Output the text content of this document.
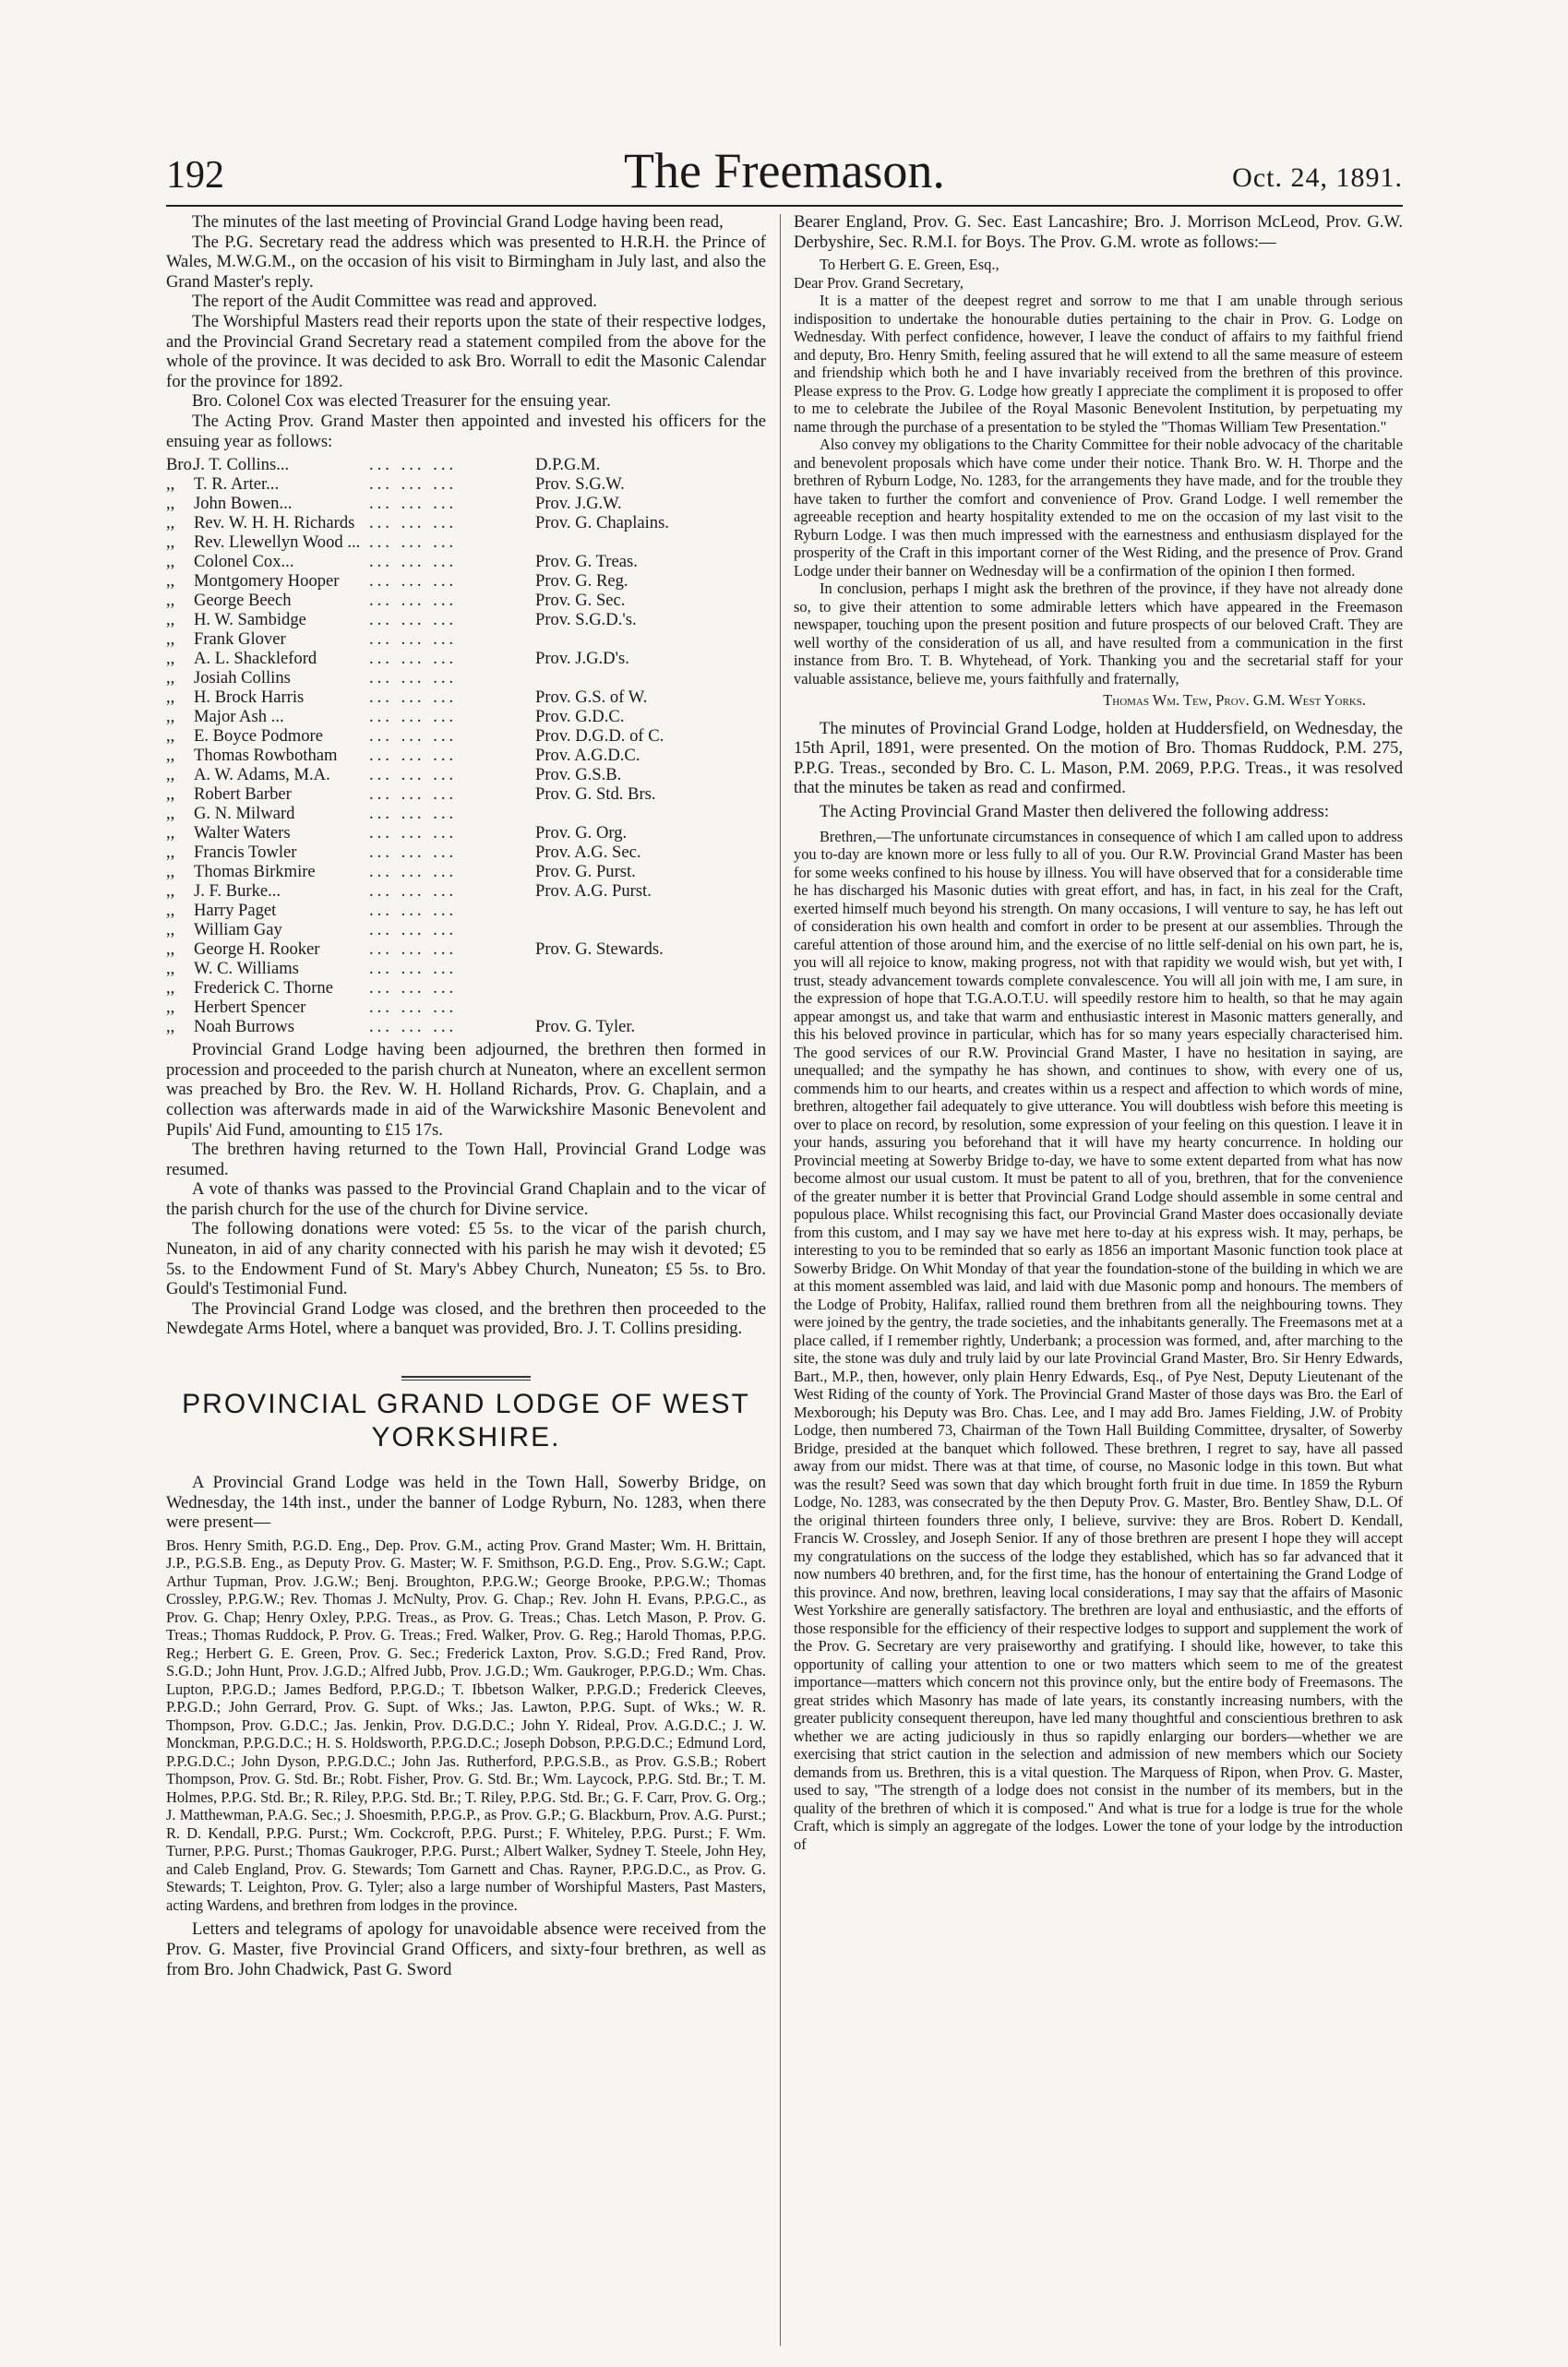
192	The Freemason.	Oct. 24, 1891.

The minutes of the last meeting of Provincial Grand Lodge having been read,

The P.G. Secretary read the address which was presented to H.R.H. the Prince of Wales, M.W.G.M., on the occasion of his visit to Birmingham in July last, and also the Grand Master's reply.

The report of the Audit Committee was read and approved.

The Worshipful Masters read their reports upon the state of their respective lodges, and the Provincial Grand Secretary read a statement compiled from the above for the whole of the province. It was decided to ask Bro. Worrall to edit the Masonic Calendar for the province for 1892.

Bro. Colonel Cox was elected Treasurer for the ensuing year.

The Acting Prov. Grand Master then appointed and invested his officers for the ensuing year as follows:

Bro.
J. T. Collins...	... ... ...	D.P.G.M.
,,	T. R. Arter...	... ... ...	Prov. S.G.W.
,,	John Bowen...	... ... ...	Prov. J.G.W.
,,	Rev. W. H. H. Richards ... ... ...	Prov. G. Chaplains.
,,	Rev. Llewellyn Wood ... ... ... ...
,,	Colonel Cox...	... ... ...	Prov. G. Treas.
,,	Montgomery Hooper	... ... ...	Prov. G. Reg.
,,	George Beech	... ... ...	Prov. G. Sec.
,,	H. W. Sambidge	... ... ...	Prov. S.G.D.'s.
,,	Frank Glover	... ... ...
,,	A. L. Shackleford	... ... ...	Prov. J.G.D's.
,,	Josiah Collins	... ... ...
,,	H. Brock Harris	... ... ...	Prov. G.S. of W.
,,	Major Ash ...	... ... ...	Prov. G.D.C.
,,	E. Boyce Podmore	... ... ...	Prov. D.G.D. of C.
,,	Thomas Rowbotham	... ... ...	Prov. A.G.D.C.
,,	A. W. Adams, M.A.	... ... ...	Prov. G.S.B.
,,	Robert Barber	... ... ...	Prov. G. Std. Brs.
,,	G. N. Milward	... ... ...
,,	Walter Waters	... ... ...	Prov. G. Org.
,,	Francis Towler	... ... ...	Prov. A.G. Sec.
,,	Thomas Birkmire	... ... ...	Prov. G. Purst.
,,	J. F. Burke...	... ... ...	Prov. A.G. Purst.
,,	Harry Paget	... ... ...
,,	William Gay	... ... ...
,,	George H. Rooker	... ... ...	Prov. G. Stewards.
,,	W. C. Williams	... ... ...
,,	Frederick C. Thorne	... ... ...
,,	Herbert Spencer	... ... ...
,,	Noah Burrows	... ... ...	Prov. G. Tyler.

Provincial Grand Lodge having been adjourned, the brethren then formed in procession and proceeded to the parish church at Nuneaton, where an excellent sermon was preached by Bro. the Rev. W. H. Holland Richards, Prov. G. Chaplain, and a collection was afterwards made in aid of the Warwickshire Masonic Benevolent and Pupils' Aid Fund, amounting to £15 17s.

The brethren having returned to the Town Hall, Provincial Grand Lodge was resumed.

A vote of thanks was passed to the Provincial Grand Chaplain and to the vicar of the parish church for the use of the church for Divine service.

The following donations were voted: £5 5s. to the vicar of the parish church, Nuneaton, in aid of any charity connected with his parish he may wish it devoted; £5 5s. to the Endowment Fund of St. Mary's Abbey Church, Nuneaton; £5 5s. to Bro. Gould's Testimonial Fund.

The Provincial Grand Lodge was closed, and the brethren then proceeded to the Newdegate Arms Hotel, where a banquet was provided, Bro. J. T. Collins presiding.

PROVINCIAL GRAND LODGE OF WEST YORKSHIRE.

A Provincial Grand Lodge was held in the Town Hall, Sowerby Bridge, on Wednesday, the 14th inst., under the banner of Lodge Ryburn, No. 1283, when there were present—

Bros. Henry Smith, P.G.D. Eng., Dep. Prov. G.M., acting Prov. Grand Master; Wm. H. Brittain, J.P., P.G.S.B. Eng., as Deputy Prov. G. Master; W. F. Smithson, P.G.D. Eng., Prov. S.G.W.; Capt. Arthur Tupman, Prov. J.G.W.; Benj. Broughton, P.P.G.W.; George Brooke, P.P.G.W.; Thomas Crossley, P.P.G.W.; Rev. Thomas J. McNulty, Prov. G. Chap.; Rev. John H. Evans, P.P.G.C., as Prov. G. Chap; Henry Oxley, P.P.G. Treas., as Prov. G. Treas.; Chas. Letch Mason, P. Prov. G. Treas.; Thomas Ruddock, P. Prov. G. Treas.; Fred. Walker, Prov. G. Reg.; Harold Thomas, P.P.G. Reg.; Herbert G. E. Green, Prov. G. Sec.; Frederick Laxton, Prov. S.G.D.; Fred Rand, Prov. S.G.D.; John Hunt, Prov. J.G.D.; Alfred Jubb, Prov. J.G.D.; Wm. Gaukroger, P.P.G.D.; Wm. Chas. Lupton, P.P.G.D.; James Bedford, P.P.G.D.; T. Ibbetson Walker, P.P.G.D.; Frederick Cleeves, P.P.G.D.; John Gerrard, Prov. G. Supt. of Wks.; Jas. Lawton, P.P.G. Supt. of Wks.; W. R. Thompson, Prov. G.D.C.; Jas. Jenkin, Prov. D.G.D.C.; John Y. Rideal, Prov. A.G.D.C.; J. W. Monckman, P.P.G.D.C.; H. S. Holdsworth, P.P.G.D.C.; Joseph Dobson, P.P.G.D.C.; Edmund Lord, P.P.G.D.C.; John Dyson, P.P.G.D.C.; John Jas. Rutherford, P.P.G.S.B., as Prov. G.S.B.; Robert Thompson, Prov. G. Std. Br.; Robt. Fisher, Prov. G. Std. Br.; Wm. Laycock, P.P.G. Std. Br.; T. M. Holmes, P.P.G. Std. Br.; R. Riley, P.P.G. Std. Br.; T. Riley, P.P.G. Std. Br.; G. F. Carr, Prov. G. Org.; J. Matthewman, P.A.G. Sec.; J. Shoesmith, P.P.G.P., as Prov. G.P.; G. Blackburn, Prov. A.G. Purst.; R. D. Kendall, P.P.G. Purst.; Wm. Cockcroft, P.P.G. Purst.; F. Whiteley, P.P.G. Purst.; F. Wm. Turner, P.P.G. Purst.; Thomas Gaukroger, P.P.G. Purst.; Albert Walker, Sydney T. Steele, John Hey, and Caleb England, Prov. G. Stewards; Tom Garnett and Chas. Rayner, P.P.G.D.C., as Prov. G. Stewards; T. Leighton, Prov. G. Tyler; also a large number of Worshipful Masters, Past Masters, acting Wardens, and brethren from lodges in the province.

Letters and telegrams of apology for unavoidable absence were received from the Prov. G. Master, five Provincial Grand Officers, and sixty-four brethren, as well as from Bro. John Chadwick, Past G. Sword

Bearer England, Prov. G. Sec. East Lancashire; Bro. J. Morrison McLeod, Prov. G.W. Derbyshire, Sec. R.M.I. for Boys. The Prov. G.M. wrote as follows:—

To Herbert G. E. Green, Esq.,

Dear Prov. Grand Secretary,

It is a matter of the deepest regret and sorrow to me that I am unable through serious indisposition to undertake the honourable duties pertaining to the chair in Prov. G. Lodge on Wednesday. With perfect confidence, however, I leave the conduct of affairs to my faithful friend and deputy, Bro. Henry Smith, feeling assured that he will extend to all the same measure of esteem and friendship which both he and I have invariably received from the brethren of this province. Please express to the Prov. G. Lodge how greatly I appreciate the compliment it is proposed to offer to me to celebrate the Jubilee of the Royal Masonic Benevolent Institution, by perpetuating my name through the purchase of a presentation to be styled the "Thomas William Tew Presentation."

Also convey my obligations to the Charity Committee for their noble advocacy of the charitable and benevolent proposals which have come under their notice. Thank Bro. W. H. Thorpe and the brethren of Ryburn Lodge, No. 1283, for the arrangements they have made, and for the trouble they have taken to further the comfort and convenience of Prov. Grand Lodge. I well remember the agreeable reception and hearty hospitality extended to me on the occasion of my last visit to the Ryburn Lodge. I was then much impressed with the earnestness and enthusiasm displayed for the prosperity of the Craft in this important corner of the West Riding, and the presence of Prov. Grand Lodge under their banner on Wednesday will be a confirmation of the opinion I then formed.

In conclusion, perhaps I might ask the brethren of the province, if they have not already done so, to give their attention to some admirable letters which have appeared in the Freemason newspaper, touching upon the present position and future prospects of our beloved Craft. They are well worthy of the consideration of us all, and have resulted from a communication in the first instance from Bro. T. B. Whytehead, of York. Thanking you and the secretarial staff for your valuable assistance, believe me, yours faithfully and fraternally,

Thomas Wm. Tew, Prov. G.M. West Yorks.

The minutes of Provincial Grand Lodge, holden at Huddersfield, on Wednesday, the 15th April, 1891, were presented. On the motion of Bro. Thomas Ruddock, P.M. 275, P.P.G. Treas., seconded by Bro. C. L. Mason, P.M. 2069, P.P.G. Treas., it was resolved that the minutes be taken as read and confirmed.

The Acting Provincial Grand Master then delivered the following address:

Brethren,—The unfortunate circumstances in consequence of which I am called upon to address you to-day are known more or less fully to all of you. Our R.W. Provincial Grand Master has been for some weeks confined to his house by illness. You will have observed that for a considerable time he has discharged his Masonic duties with great effort, and has, in fact, in his zeal for the Craft, exerted himself much beyond his strength. On many occasions, I will venture to say, he has left out of consideration his own health and comfort in order to be present at our assemblies. Through the careful attention of those around him, and the exercise of no little self-denial on his own part, he is, you will all rejoice to know, making progress, not with that rapidity we would wish, but yet with, I trust, steady advancement towards complete convalescence. You will all join with me, I am sure, in the expression of hope that T.G.A.O.T.U. will speedily restore him to health, so that he may again appear amongst us, and take that warm and enthusiastic interest in Masonic matters generally, and this his beloved province in particular, which has for so many years especially characterised him. The good services of our R.W. Provincial Grand Master, I have no hesitation in saying, are unequalled; and the sympathy he has shown, and continues to show, with every one of us, commends him to our hearts, and creates within us a respect and affection to which words of mine, brethren, altogether fail adequately to give utterance. You will doubtless wish before this meeting is over to place on record, by resolution, some expression of your feeling on this question. I leave it in your hands, assuring you beforehand that it will have my hearty concurrence. In holding our Provincial meeting at Sowerby Bridge to-day, we have to some extent departed from what has now become almost our usual custom. It must be patent to all of you, brethren, that for the convenience of the greater number it is better that Provincial Grand Lodge should assemble in some central and populous place. Whilst recognising this fact, our Provincial Grand Master does occasionally deviate from this custom, and I may say we have met here to-day at his express wish. It may, perhaps, be interesting to you to be reminded that so early as 1856 an important Masonic function took place at Sowerby Bridge. On Whit Monday of that year the foundation-stone of the building in which we are at this moment assembled was laid, and laid with due Masonic pomp and honours. The members of the Lodge of Probity, Halifax, rallied round them brethren from all the neighbouring towns. They were joined by the gentry, the trade societies, and the inhabitants generally. The Freemasons met at a place called, if I remember rightly, Underbank; a procession was formed, and, after marching to the site, the stone was duly and truly laid by our late Provincial Grand Master, Bro. Sir Henry Edwards, Bart., M.P., then, however, only plain Henry Edwards, Esq., of Pye Nest, Deputy Lieutenant of the West Riding of the county of York. The Provincial Grand Master of those days was Bro. the Earl of Mexborough; his Deputy was Bro. Chas. Lee, and I may add Bro. James Fielding, J.W. of Probity Lodge, then numbered 73, Chairman of the Town Hall Building Committee, drysalter, of Sowerby Bridge, presided at the banquet which followed. These brethren, I regret to say, have all passed away from our midst. There was at that time, of course, no Masonic lodge in this town. But what was the result? Seed was sown that day which brought forth fruit in due time. In 1859 the Ryburn Lodge, No. 1283, was consecrated by the then Deputy Prov. G. Master, Bro. Bentley Shaw, D.L. Of the original thirteen founders three only, I believe, survive: they are Bros. Robert D. Kendall, Francis W. Crossley, and Joseph Senior. If any of those brethren are present I hope they will accept my congratulations on the success of the lodge they established, which has so far advanced that it now numbers 40 brethren, and, for the first time, has the honour of entertaining the Grand Lodge of this province. And now, brethren, leaving local considerations, I may say that the affairs of Masonic West Yorkshire are generally satisfactory. The brethren are loyal and enthusiastic, and the efforts of those responsible for the efficiency of their respective lodges to support and supplement the work of the Prov. G. Secretary are very praiseworthy and gratifying. I should like, however, to take this opportunity of calling your attention to one or two matters which seem to me of the greatest importance—matters which concern not this province only, but the entire body of Freemasons. The great strides which Masonry has made of late years, its constantly increasing numbers, with the greater publicity consequent thereupon, have led many thoughtful and conscientious brethren to ask whether we are acting judiciously in thus so rapidly enlarging our borders—whether we are exercising that strict caution in the selection and admission of new members which our Society demands from us. Brethren, this is a vital question. The Marquess of Ripon, when Prov. G. Master, used to say, "The strength of a lodge does not consist in the number of its members, but in the quality of the brethren of which it is composed." And what is true for a lodge is true for the whole Craft, which is simply an aggregate of the lodges. Lower the tone of your lodge by the introduction of
